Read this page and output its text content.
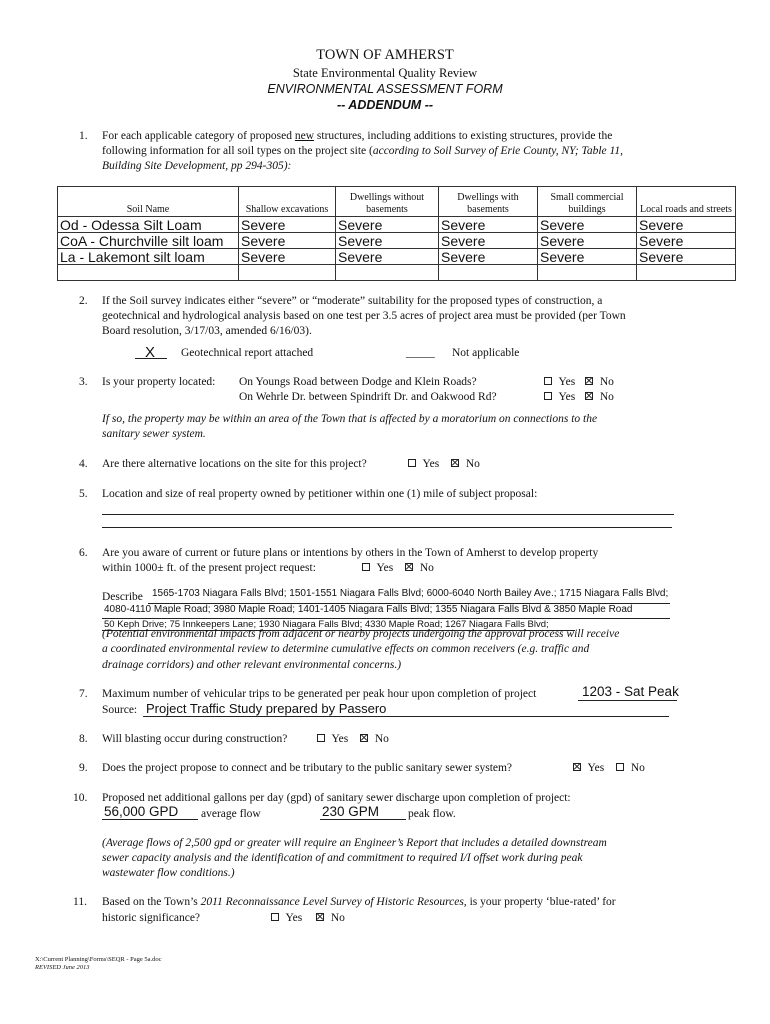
TOWN OF AMHERST
State Environmental Quality Review
ENVIRONMENTAL ASSESSMENT FORM
-- ADDENDUM --
1. For each applicable category of proposed new structures, including additions to existing structures, provide the
following information for all soil types on the project site (according to Soil Survey of Erie County, NY; Table 11,
Building Site Development, pp 294-305):
Soil Name	Shallow excavations	Dwellings without basements	Dwellings with basements	Small commercial buildings	Local roads and streets
Od - Odessa Silt Loam	Severe	Severe	Severe	Severe	Severe
CoA - Churchville silt loam	Severe	Severe	Severe	Severe	Severe
La - Lakemont silt loam	Severe	Severe	Severe	Severe	Severe

2. If the Soil survey indicates either “severe” or “moderate” suitability for the proposed types of construction, a
geotechnical and hydrological analysis based on one test per 3.5 acres of project area must be provided (per Town
Board resolution, 3/17/03, amended 6/16/03).
X Geotechnical report attached	_____ Not applicable
3. Is your property located: On Youngs Road between Dodge and Klein Roads?
On Wehrle Dr. between Spindrift Dr. and Oakwood Rd?
Yes	No
Yes	No
If so, the property may be within an area of the Town that is affected by a moratorium on connections to the
sanitary sewer system.
4. Are there alternative locations on the site for this project?	Yes	No
5. Location and size of real property owned by petitioner within one (1) mile of subject proposal:
6. Are you aware of current or future plans or intentions by others in the Town of Amherst to develop property
within 1000± ft. of the present project request:	Yes	No
Describe 1565-1703 Niagara Falls Blvd; 1501-1551 Niagara Falls Blvd; 6000-6040 North Bailey Ave.; 1715 Niagara Falls Blvd;
4080-4110 Maple Road; 3980 Maple Road; 1401-1405 Niagara Falls Blvd; 1355 Niagara Falls Blvd & 3850 Maple Road
50 Keph Drive; 75 Innkeepers Lane; 1930 Niagara Falls Blvd; 4330 Maple Road; 1267 Niagara Falls Blvd;
(Potential environmental impacts from adjacent or nearby projects undergoing the approval process will receive
a coordinated environmental review to determine cumulative effects on common receivers (e.g. traffic and
drainage corridors) and other relevant environmental concerns.)
7. Maximum number of vehicular trips to be generated per peak hour upon completion of project	1203 - Sat Peak
Source: Project Traffic Study prepared by Passero
8. Will blasting occur during construction?	Yes	No
9. Does the project propose to connect and be tributary to the public sanitary sewer system?	Yes	No
10. Proposed net additional gallons per day (gpd) of sanitary sewer discharge upon completion of project:
56,000 GPD average flow	230 GPM	peak flow.
(Average flows of 2,500 gpd or greater will require an Engineer’s Report that includes a detailed downstream
sewer capacity analysis and the identification of and commitment to required I/I offset work during peak
wastewater flow conditions.)
11. Based on the Town’s 2011 Reconnaissance Level Survey of Historic Resources, is your property ‘blue-rated’ for
historic significance?	Yes	No
X:\Current Planning\Forms\SEQR - Page 5a.doc
REVISED June 2013
